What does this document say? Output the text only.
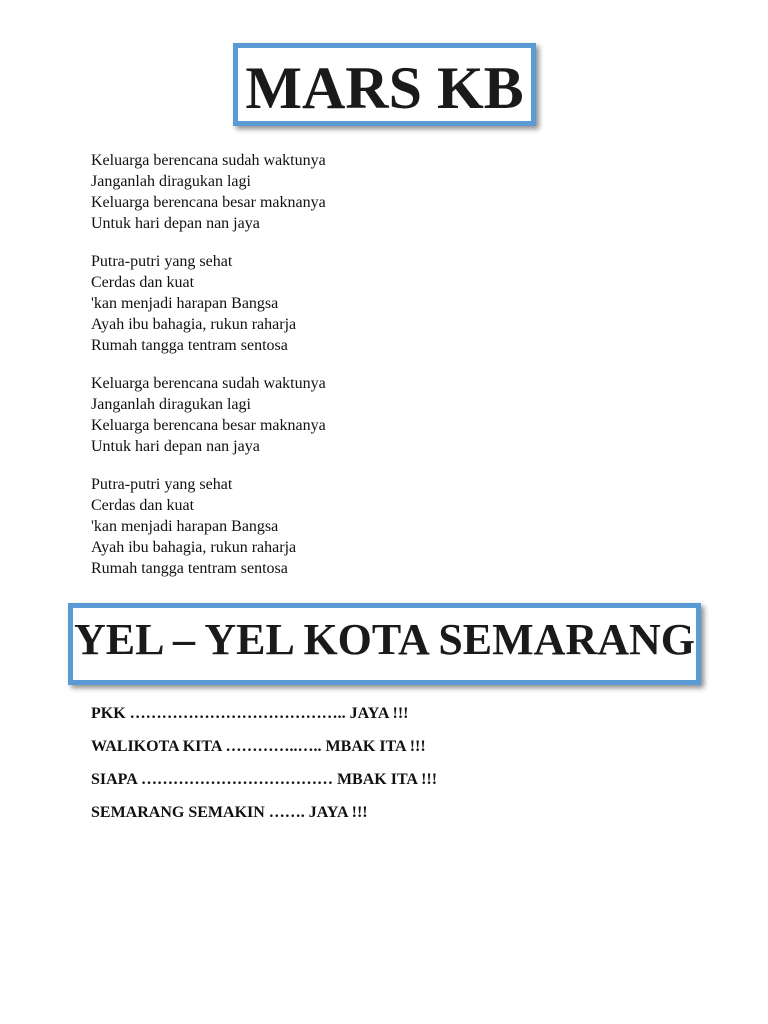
MARS KB
Keluarga berencana sudah waktunya
Janganlah diragukan lagi
Keluarga berencana besar maknanya
Untuk hari depan nan jaya
Putra-putri yang sehat
Cerdas dan kuat
'kan menjadi harapan Bangsa
Ayah ibu bahagia, rukun raharja
Rumah tangga tentram sentosa
Keluarga berencana sudah waktunya
Janganlah diragukan lagi
Keluarga berencana besar maknanya
Untuk hari depan nan jaya
Putra-putri yang sehat
Cerdas dan kuat
'kan menjadi harapan Bangsa
Ayah ibu bahagia, rukun raharja
Rumah tangga tentram sentosa
YEL – YEL KOTA SEMARANG
PKK ………………………………….. JAYA !!!
WALIKOTA KITA …………..….. MBAK ITA !!!
SIAPA ……………………………… MBAK ITA !!!
SEMARANG SEMAKIN ……. JAYA !!!
